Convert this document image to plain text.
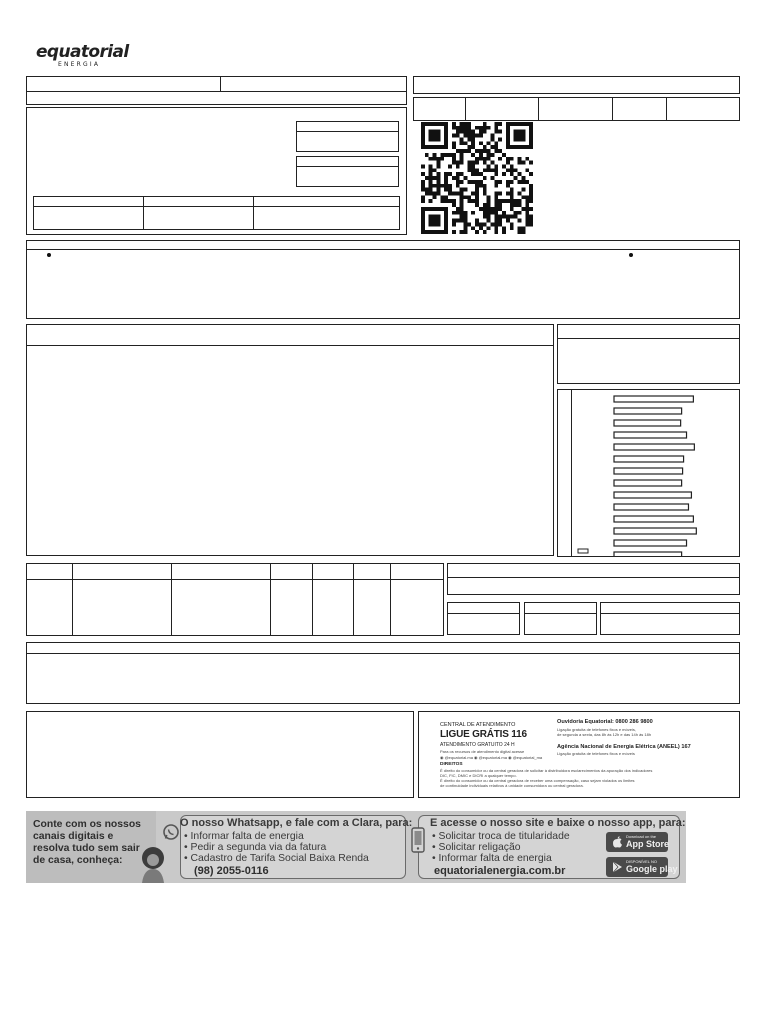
equatorial
ENERGIA
CENTRAL DE ATENDIMENTO
LIGUE GRÁTIS 116
ATENDIMENTO GRATUITO 24 H
Para os recursos de atendimento digital acesse
◉ @equatorial.ma ◉ @equatorial.ma ◉ @equatorial_ma
Ouvidoria Equatorial: 0800 286 9800
Ligação gratuita de telefones fixos e móveis,
de segunda a sexta, das 8h às 12h e das 14h às 18h
Agência Nacional de Energia Elétrica (ANEEL) 167
Ligação gratuita de telefones fixos e móveis
DIREITOS
É direito do consumidor ou da central geradora de solicitar à distribuidora esclarecimentos da apuração dos indicadores
DIC, FIC, DMIC e DICRI a qualquer tempo.
É direito do consumidor ou da central geradora de receber uma compensação, caso sejam violados os limites
de continuidade individuais relativos à unidade consumidora ou central geradora.
Conte com os nossos
canais digitais e
resolva tudo sem sair
de casa, conheça:
O nosso Whatsapp, e fale com a Clara, para:
• Informar falta de energia
• Pedir a segunda via da fatura
• Cadastro de Tarifa Social Baixa Renda
(98) 2055-0116
E acesse o nosso site e baixe o nosso app, para:
• Solicitar troca de titularidade
• Solicitar religação
• Informar falta de energia
equatorialenergia.com.br
Download on the
App Store
DISPONÍVEL NO
Google play
